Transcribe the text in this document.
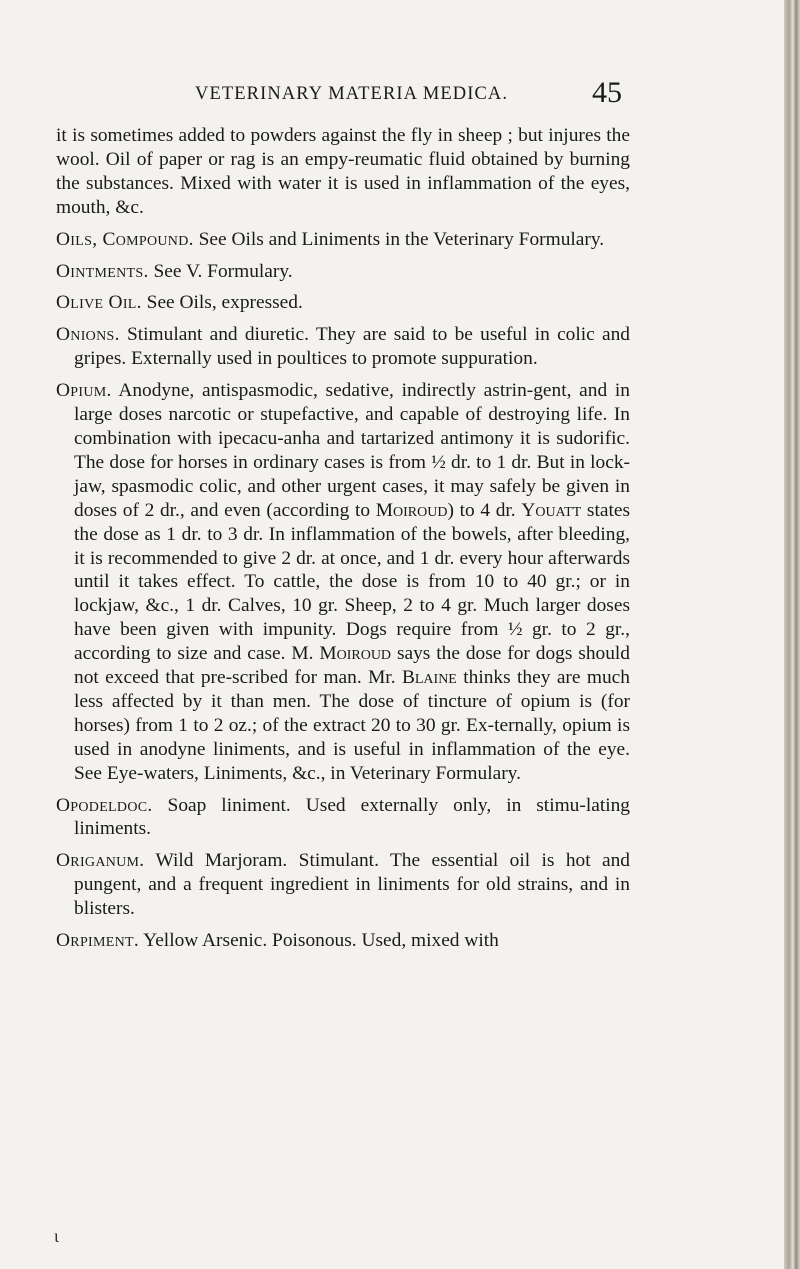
VETERINARY MATERIA MEDICA.	45

it is sometimes added to powders against the fly in sheep ; but injures the wool. Oil of paper or rag is an empy-reumatic fluid obtained by burning the substances. Mixed with water it is used in inflammation of the eyes, mouth, &c.

Oils, Compound. See Oils and Liniments in the Veterinary Formulary.

Ointments. See V. Formulary.

Olive Oil. See Oils, expressed.

Onions. Stimulant and diuretic. They are said to be useful in colic and gripes. Externally used in poultices to promote suppuration.

Opium. Anodyne, antispasmodic, sedative, indirectly astrin-gent, and in large doses narcotic or stupefactive, and capable of destroying life. In combination with ipecacu-anha and tartarized antimony it is sudorific. The dose for horses in ordinary cases is from ½ dr. to 1 dr. But in lock-jaw, spasmodic colic, and other urgent cases, it may safely be given in doses of 2 dr., and even (according to Moiroud) to 4 dr. Youatt states the dose as 1 dr. to 3 dr. In inflammation of the bowels, after bleeding, it is recommended to give 2 dr. at once, and 1 dr. every hour afterwards until it takes effect. To cattle, the dose is from 10 to 40 gr.; or in lockjaw, &c., 1 dr. Calves, 10 gr. Sheep, 2 to 4 gr. Much larger doses have been given with impunity. Dogs require from ½ gr. to 2 gr., according to size and case. M. Moiroud says the dose for dogs should not exceed that pre-scribed for man. Mr. Blaine thinks they are much less affected by it than men. The dose of tincture of opium is (for horses) from 1 to 2 oz.; of the extract 20 to 30 gr. Ex-ternally, opium is used in anodyne liniments, and is useful in inflammation of the eye. See Eye-waters, Liniments, &c., in Veterinary Formulary.

Opodeldoc. Soap liniment. Used externally only, in stimu-lating liniments.

Origanum. Wild Marjoram. Stimulant. The essential oil is hot and pungent, and a frequent ingredient in liniments for old strains, and in blisters.

Orpiment. Yellow Arsenic. Poisonous. Used, mixed with

ɩ
